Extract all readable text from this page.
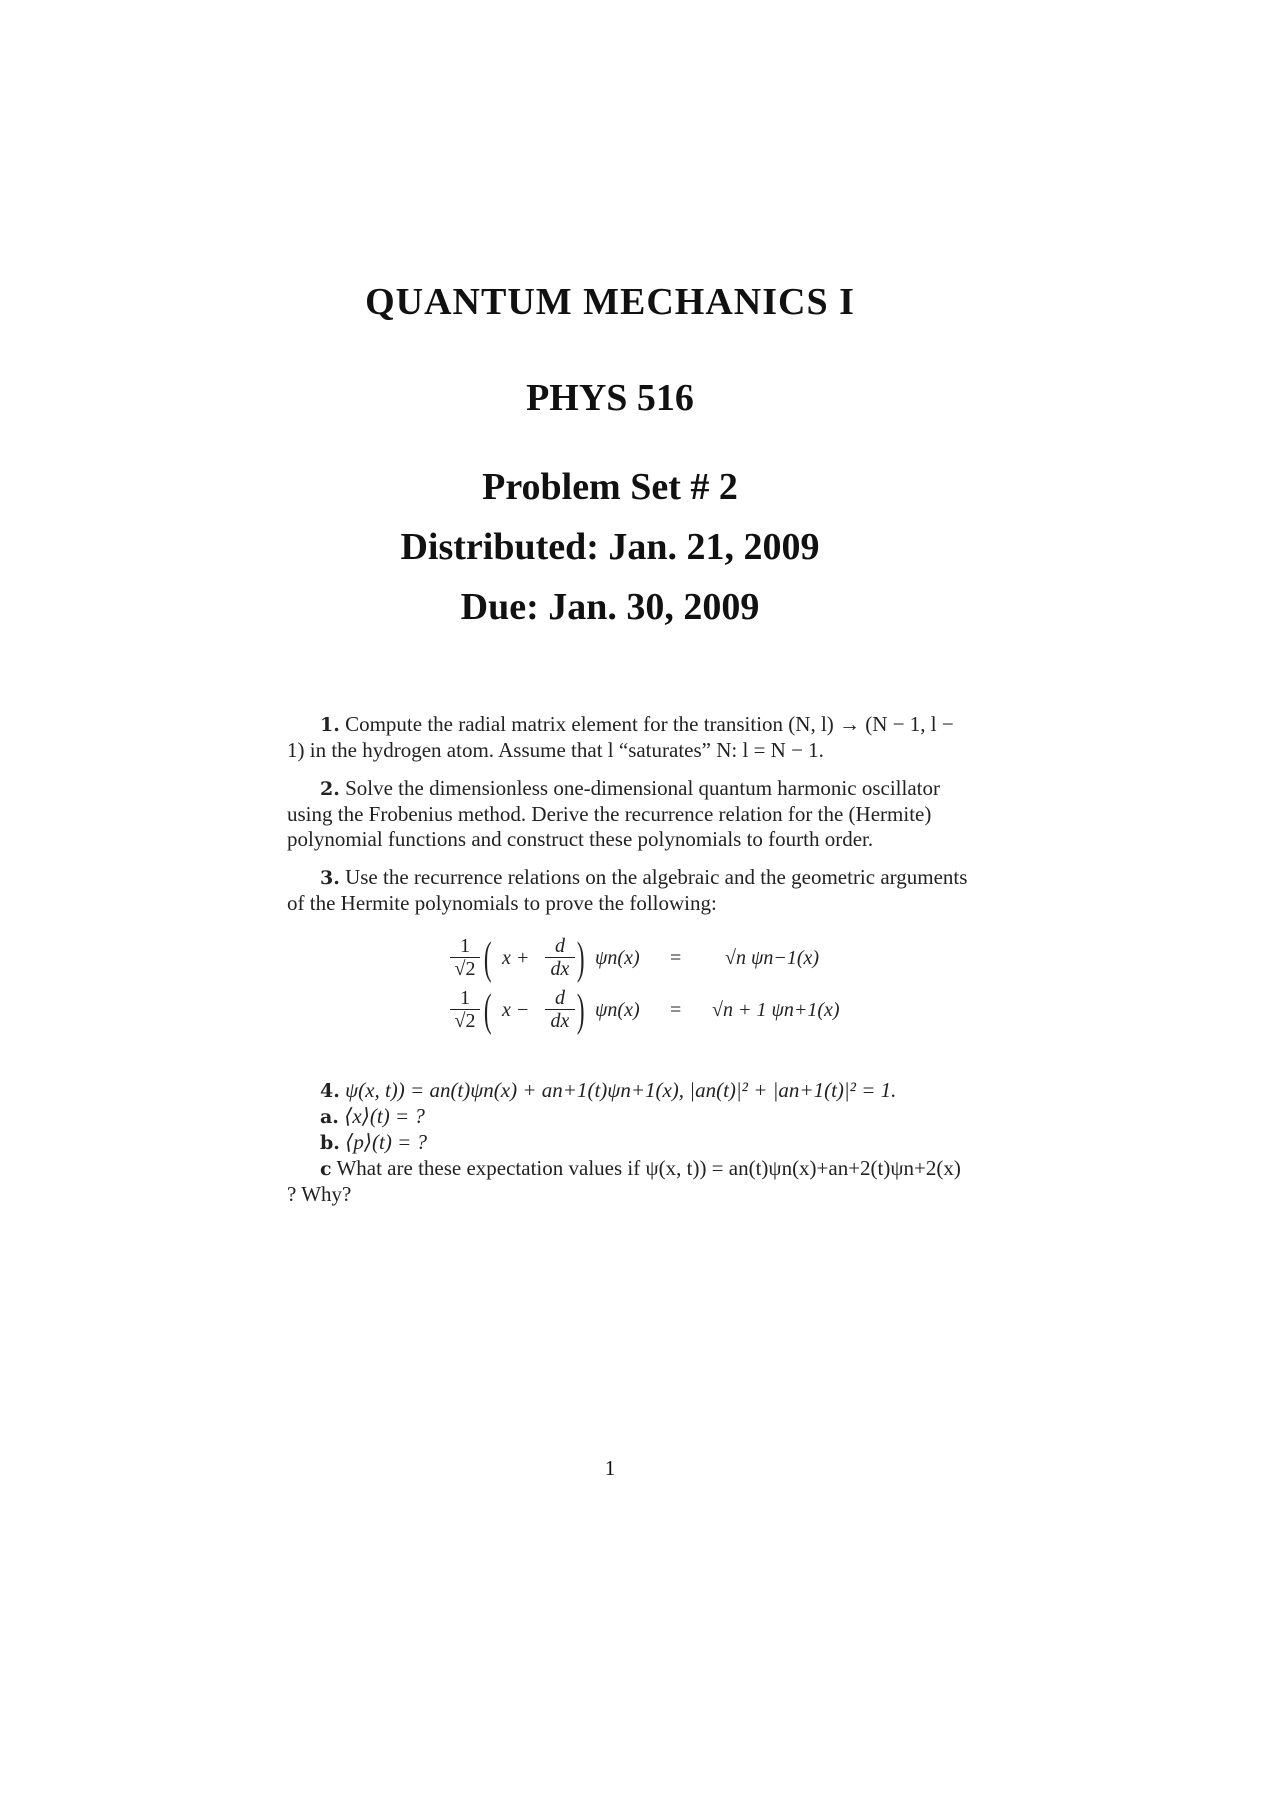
QUANTUM MECHANICS I
PHYS 516
Problem Set # 2
Distributed: Jan. 21, 2009
Due: Jan. 30, 2009
1. Compute the radial matrix element for the transition (N, l) → (N − 1, l −
1) in the hydrogen atom. Assume that l “saturates” N: l = N − 1.
2. Solve the dimensionless one-dimensional quantum harmonic oscillator
using the Frobenius method. Derive the recurrence relation for the (Hermite)
polynomial functions and construct these polynomials to fourth order.
3. Use the recurrence relations on the algebraic and the geometric arguments
of the Hermite polynomials to prove the following:
1
√2 ( x +
d
dx ) ψn(x) = √n ψn−1(x)
1
√2 ( x −
d
dx ) ψn(x) = √n + 1 ψn+1(x)
4. ψ(x, t)) = an(t)ψn(x) + an+1(t)ψn+1(x), |an(t)|² + |an+1(t)|² = 1.
a. ⟨x⟩(t) = ?
b. ⟨p⟩(t) = ?
c What are these expectation values if ψ(x, t)) = an(t)ψn(x)+an+2(t)ψn+2(x)
? Why?
1
